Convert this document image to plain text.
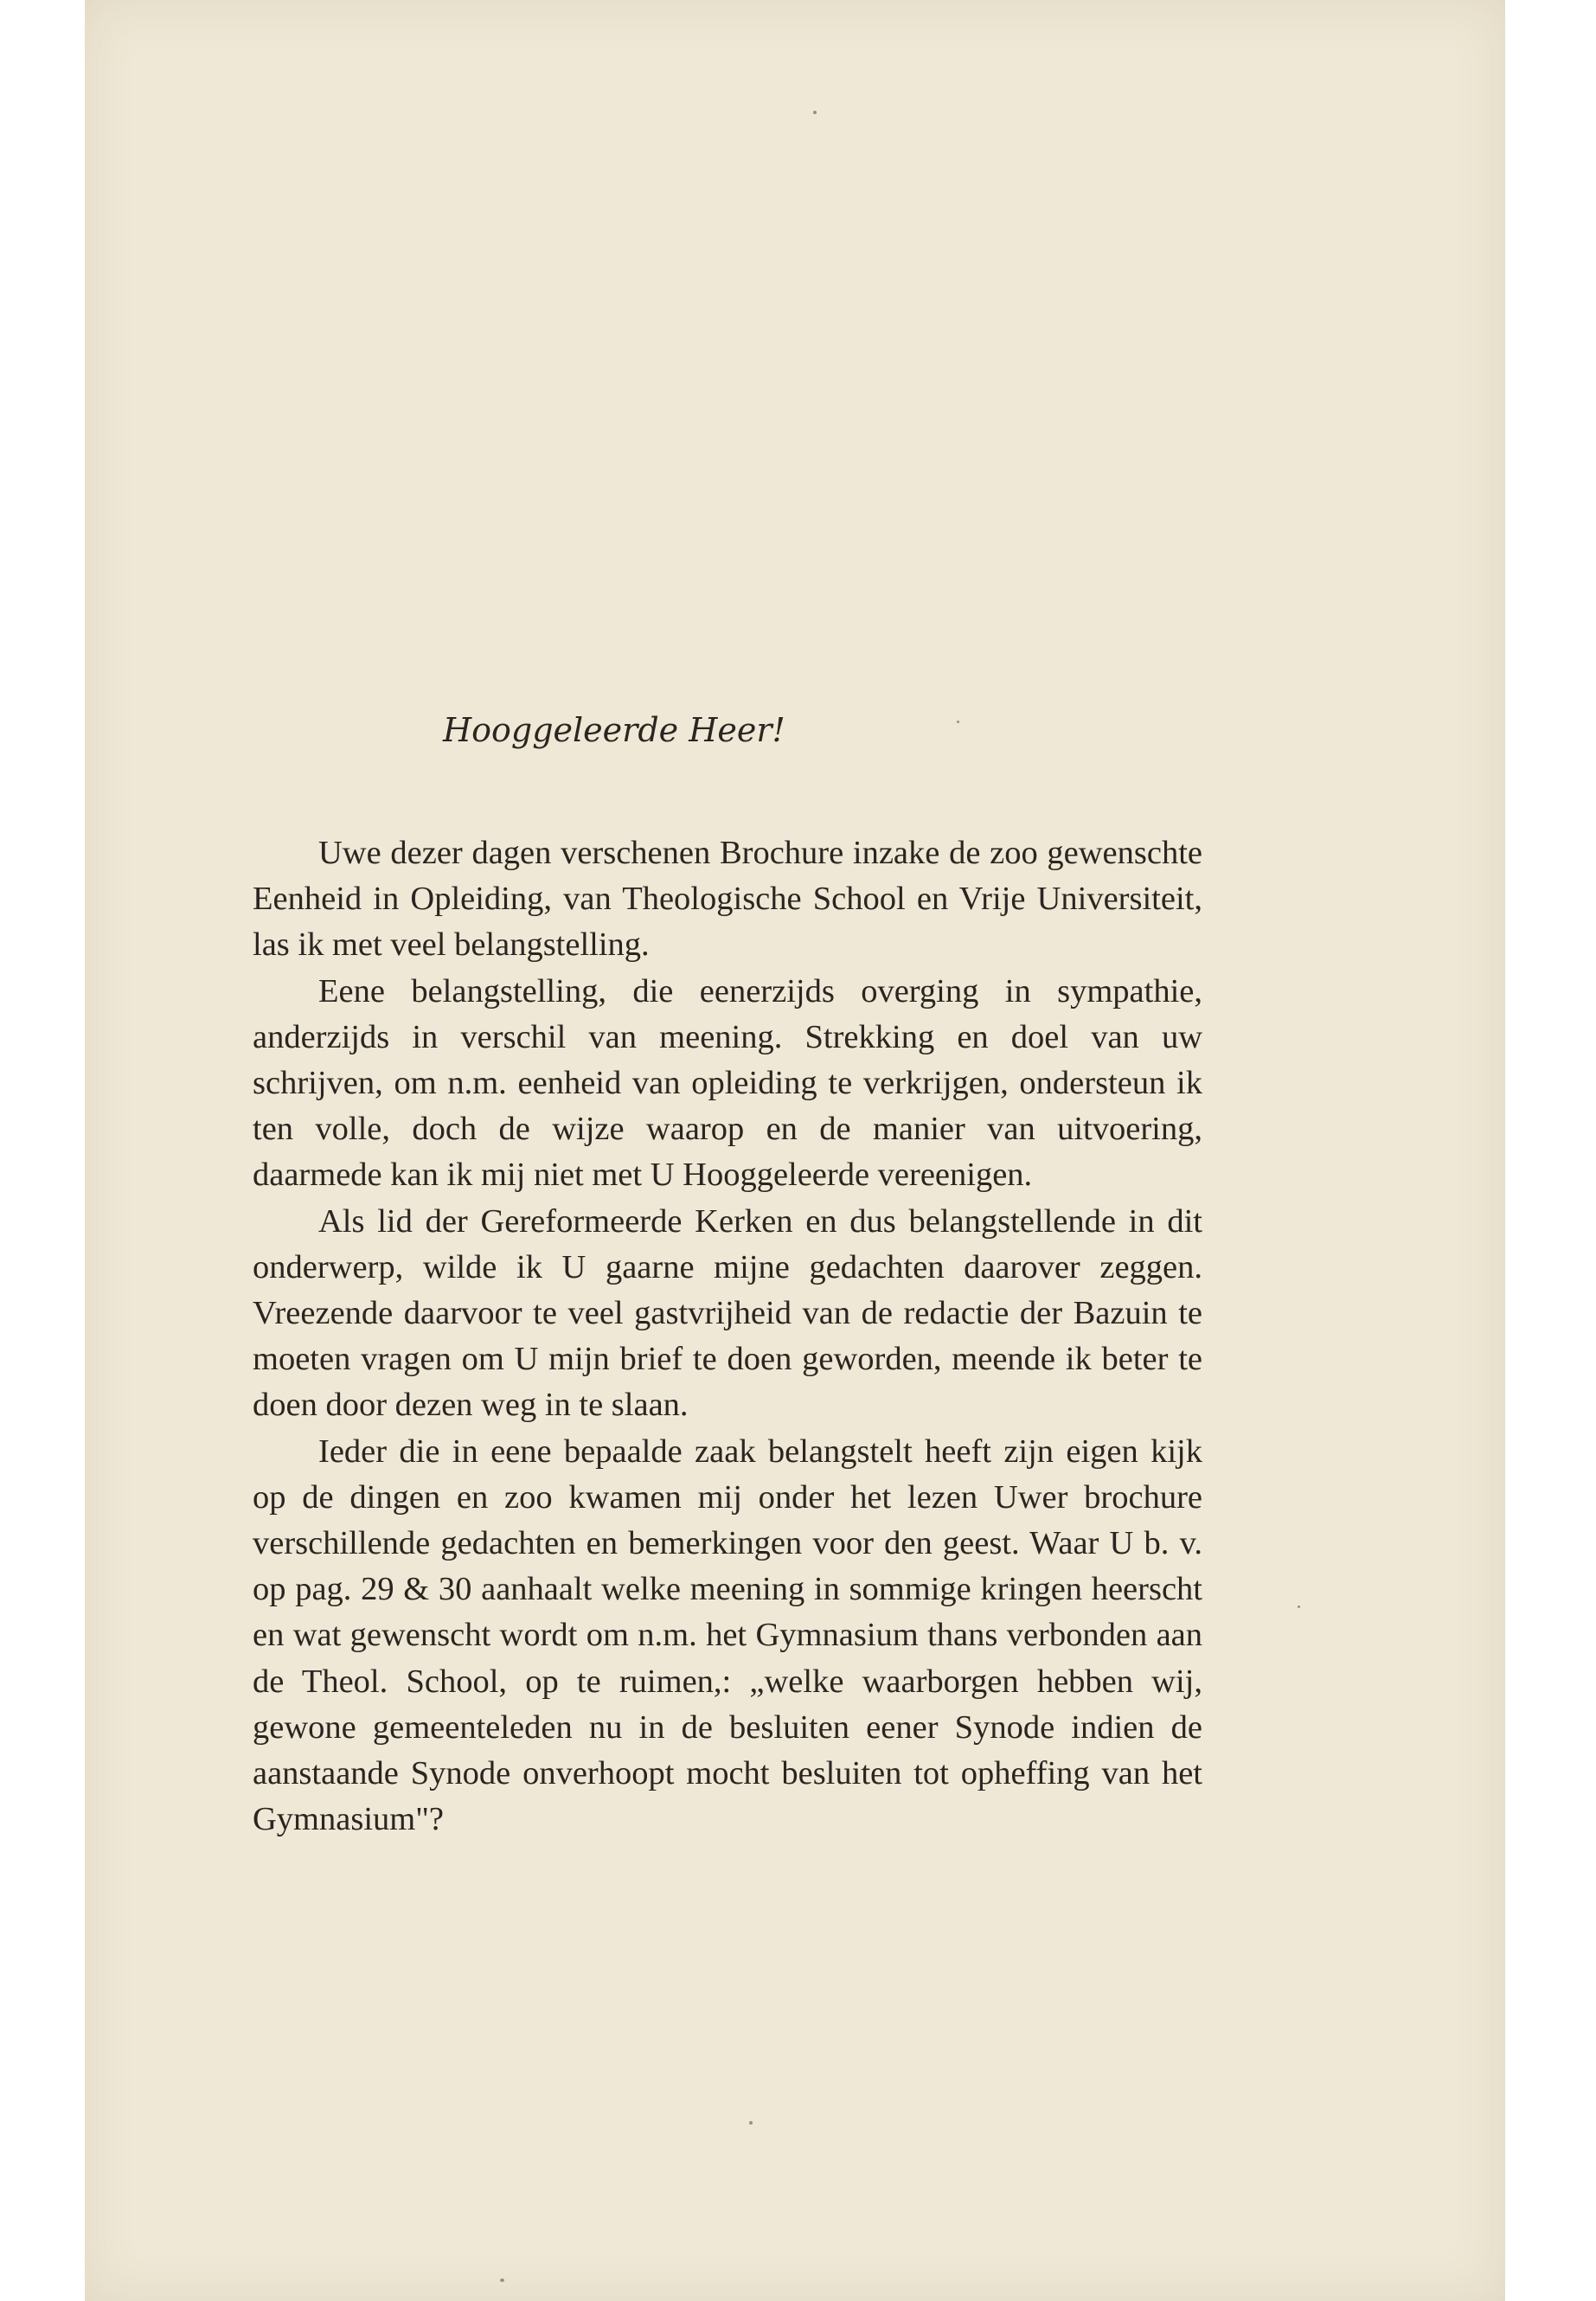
Hooggeleerde Heer!

Uwe dezer dagen verschenen Brochure inzake de zoo gewenschte Eenheid in Opleiding, van Theologische School en Vrije Universiteit, las ik met veel belangstelling.

Eene belangstelling, die eenerzijds overging in sympathie, anderzijds in verschil van meening. Strekking en doel van uw schrijven, om n.m. eenheid van opleiding te verkrijgen, ondersteun ik ten volle, doch de wijze waarop en de manier van uitvoering, daarmede kan ik mij niet met U Hooggeleerde vereenigen.

Als lid der Gereformeerde Kerken en dus belangstellende in dit onderwerp, wilde ik U gaarne mijne gedachten daarover zeggen. Vreezende daarvoor te veel gastvrijheid van de redactie der Bazuin te moeten vragen om U mijn brief te doen geworden, meende ik beter te doen door dezen weg in te slaan.

Ieder die in eene bepaalde zaak belangstelt heeft zijn eigen kijk op de dingen en zoo kwamen mij onder het lezen Uwer brochure verschillende gedachten en bemerkingen voor den geest. Waar U b. v. op pag. 29 & 30 aanhaalt welke meening in sommige kringen heerscht en wat gewenscht wordt om n.m. het Gymnasium thans verbonden aan de Theol. School, op te ruimen,: „welke waarborgen hebben wij, gewone gemeenteleden nu in de besluiten eener Synode indien de aanstaande Synode onverhoopt mocht besluiten tot opheffing van het Gymnasium"?
